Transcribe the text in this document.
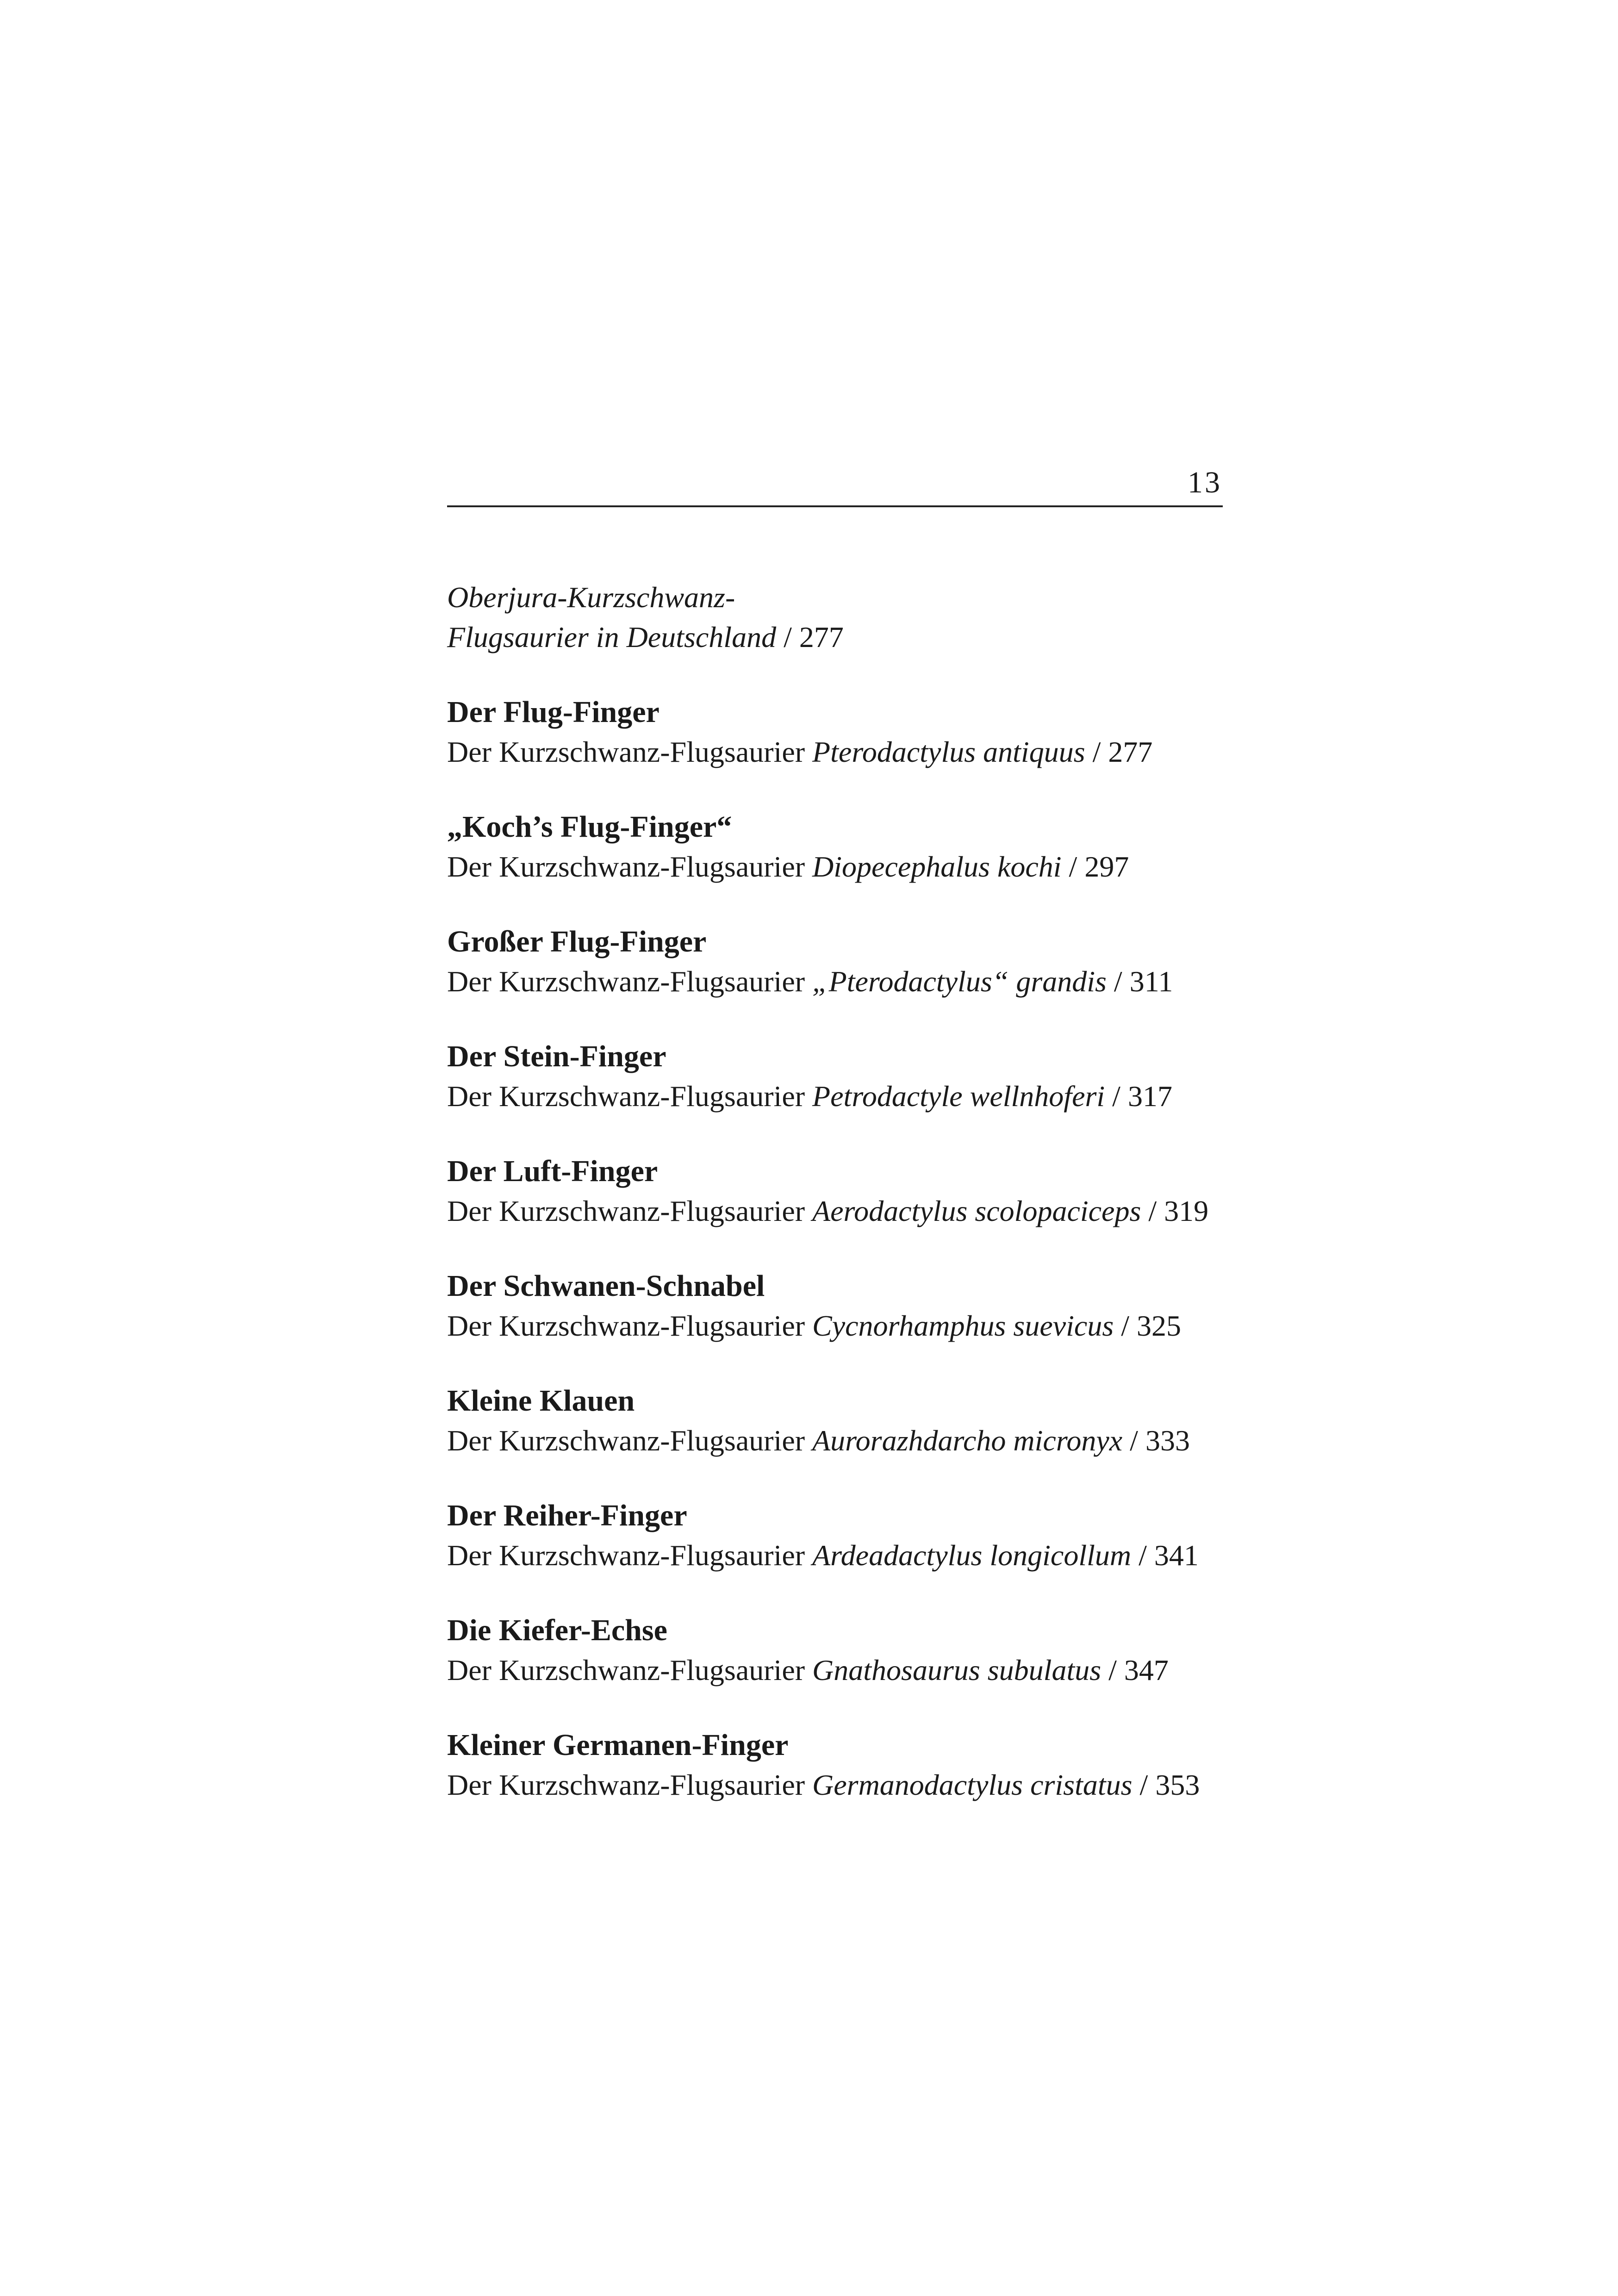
13
Oberjura-Kurzschwanz-
Flugsaurier in Deutschland / 277
Der Flug-Finger
Der Kurzschwanz-Flugsaurier Pterodactylus antiquus / 277
„Koch’s Flug-Finger“
Der Kurzschwanz-Flugsaurier Diopecephalus kochi / 297
Großer Flug-Finger
Der Kurzschwanz-Flugsaurier „Pterodactylus“ grandis / 311
Der Stein-Finger
Der Kurzschwanz-Flugsaurier Petrodactyle wellnhoferi / 317
Der Luft-Finger
Der Kurzschwanz-Flugsaurier Aerodactylus scolopaciceps / 319
Der Schwanen-Schnabel
Der Kurzschwanz-Flugsaurier Cycnorhamphus suevicus / 325
Kleine Klauen
Der Kurzschwanz-Flugsaurier Aurorazhdarcho micronyx / 333
Der Reiher-Finger
Der Kurzschwanz-Flugsaurier Ardeadactylus longicollum / 341
Die Kiefer-Echse
Der Kurzschwanz-Flugsaurier Gnathosaurus subulatus / 347
Kleiner Germanen-Finger
Der Kurzschwanz-Flugsaurier Germanodactylus cristatus / 353
